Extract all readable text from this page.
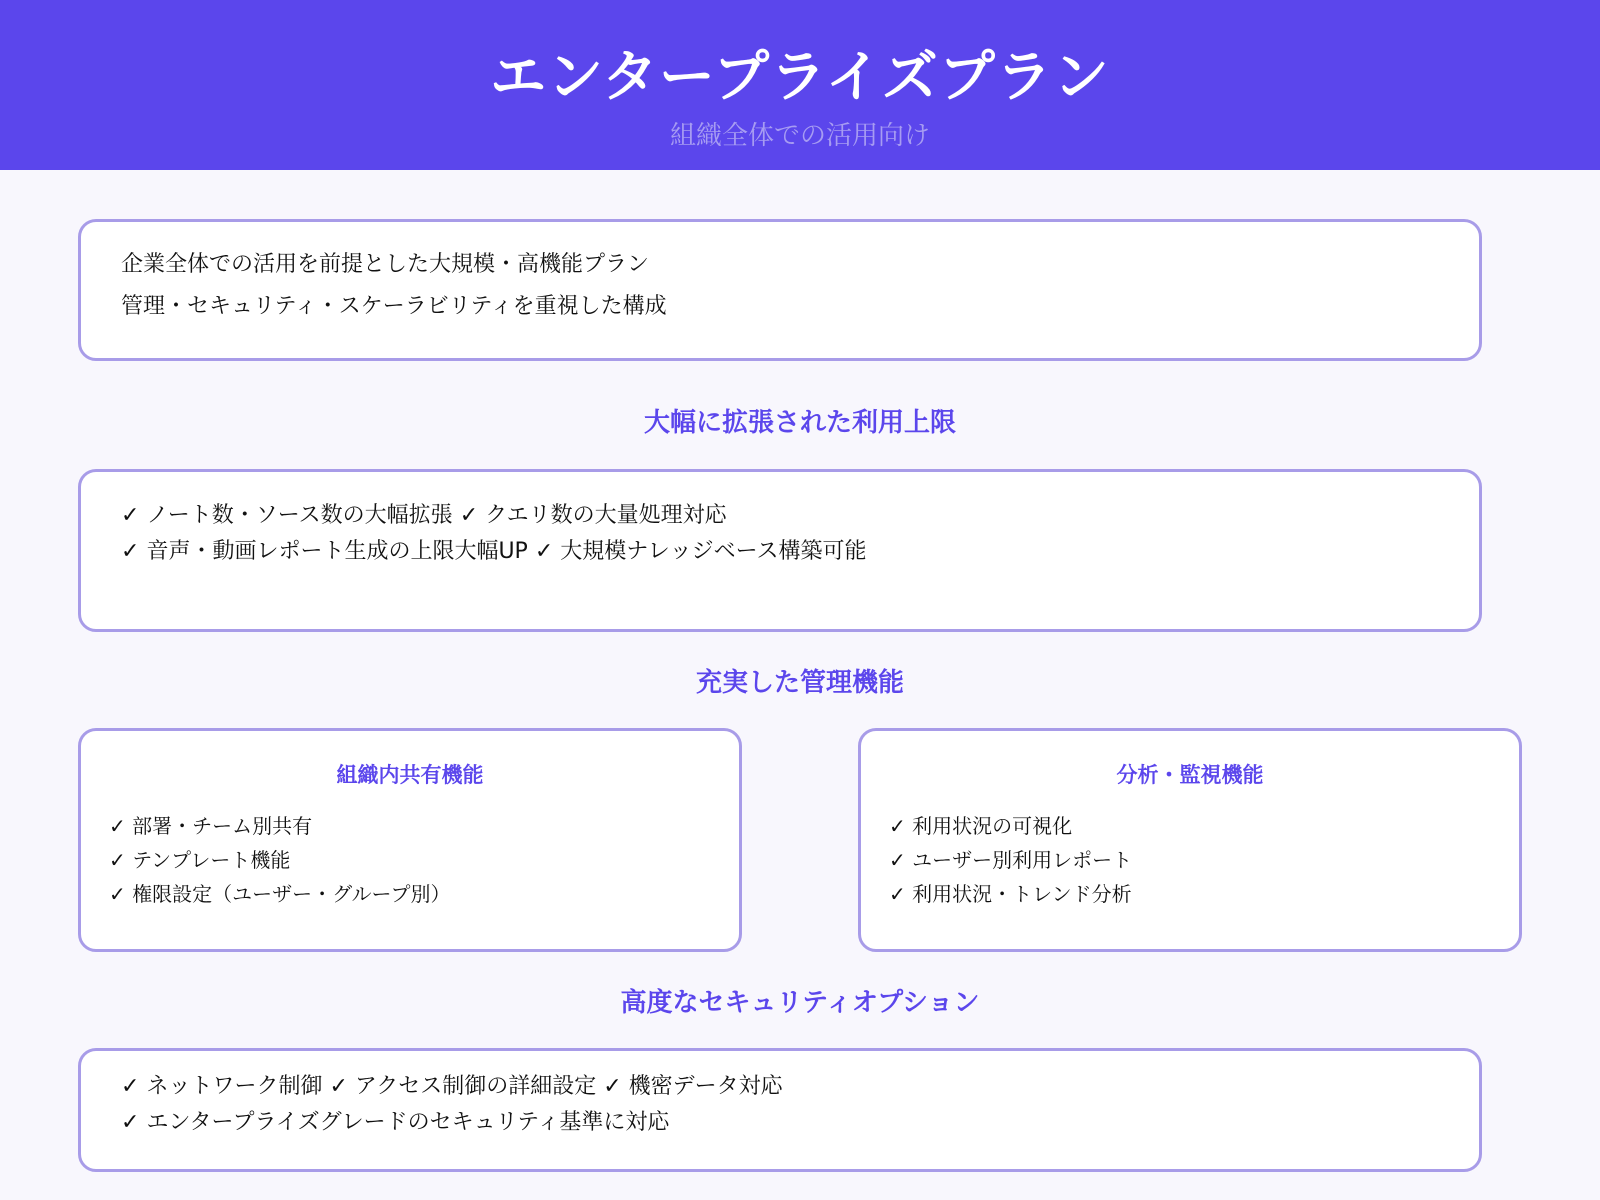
エンタープライズプラン
組織全体での活用向け
企業全体での活用を前提とした大規模・高機能プラン
管理・セキュリティ・スケーラビリティを重視した構成
大幅に拡張された利用上限
✓ ノート数・ソース数の大幅拡張 ✓ クエリ数の大量処理対応
✓ 音声・動画レポート生成の上限大幅UP ✓ 大規模ナレッジベース構築可能
充実した管理機能
組織内共有機能
✓ 部署・チーム別共有
✓ テンプレート機能
✓ 権限設定（ユーザー・グループ別）
分析・監視機能
✓ 利用状況の可視化
✓ ユーザー別利用レポート
✓ 利用状況・トレンド分析
高度なセキュリティオプション
✓ ネットワーク制御 ✓ アクセス制御の詳細設定 ✓ 機密データ対応
✓ エンタープライズグレードのセキュリティ基準に対応
